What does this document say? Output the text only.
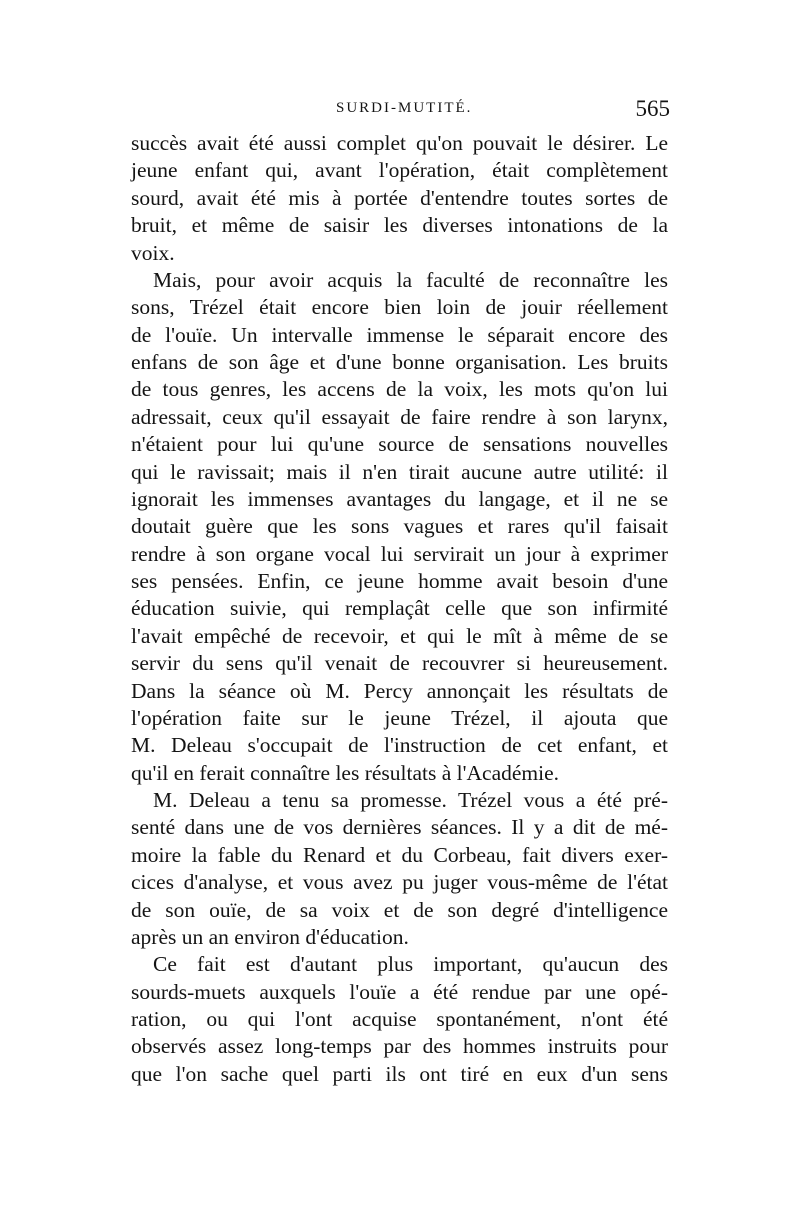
SURDI-MUTITÉ.	565
succès avait été aussi complet qu'on pouvait le désirer. Le
jeune enfant qui, avant l'opération, était complètement
sourd, avait été mis à portée d'entendre toutes sortes de
bruit, et même de saisir les diverses intonations de la
voix.
Mais, pour avoir acquis la faculté de reconnaître les
sons, Trézel était encore bien loin de jouir réellement
de l'ouïe. Un intervalle immense le séparait encore des
enfans de son âge et d'une bonne organisation. Les bruits
de tous genres, les accens de la voix, les mots qu'on lui
adressait, ceux qu'il essayait de faire rendre à son larynx,
n'étaient pour lui qu'une source de sensations nouvelles
qui le ravissait; mais il n'en tirait aucune autre utilité: il
ignorait les immenses avantages du langage, et il ne se
doutait guère que les sons vagues et rares qu'il faisait
rendre à son organe vocal lui servirait un jour à exprimer
ses pensées. Enfin, ce jeune homme avait besoin d'une
éducation suivie, qui remplaçât celle que son infirmité
l'avait empêché de recevoir, et qui le mît à même de se
servir du sens qu'il venait de recouvrer si heureusement.
Dans la séance où M. Percy annonçait les résultats de
l'opération faite sur le jeune Trézel, il ajouta que
M. Deleau s'occupait de l'instruction de cet enfant, et
qu'il en ferait connaître les résultats à l'Académie.
M. Deleau a tenu sa promesse. Trézel vous a été pré-
senté dans une de vos dernières séances. Il y a dit de mé-
moire la fable du Renard et du Corbeau, fait divers exer-
cices d'analyse, et vous avez pu juger vous-même de l'état
de son ouïe, de sa voix et de son degré d'intelligence
après un an environ d'éducation.
Ce fait est d'autant plus important, qu'aucun des
sourds-muets auxquels l'ouïe a été rendue par une opé-
ration, ou qui l'ont acquise spontanément, n'ont été
observés assez long-temps par des hommes instruits pour
que l'on sache quel parti ils ont tiré en eux d'un sens
